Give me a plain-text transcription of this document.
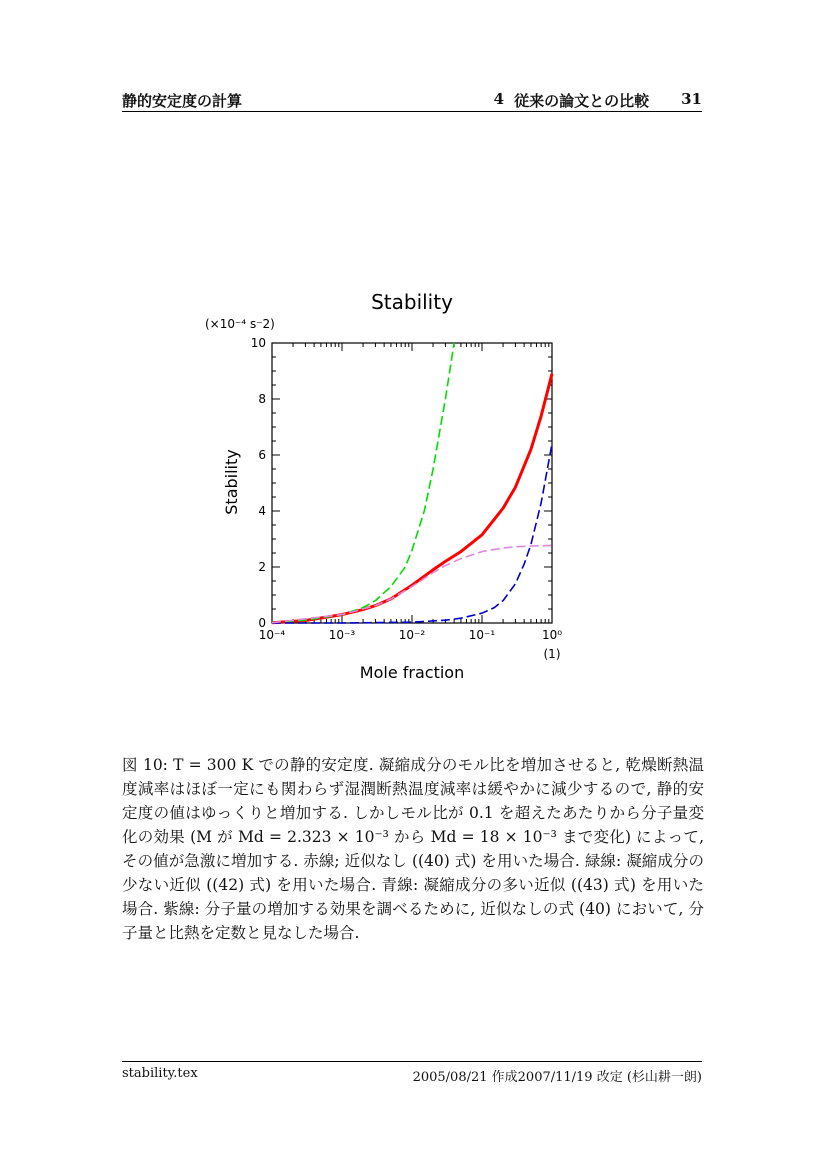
静的安定度の計算	4 従来の論文との比較 31
Stability
(×10⁻⁴ s⁻2)
(1)
Mole fraction
Stability
10⁻⁴	10⁻³	10⁻²	10⁻¹	10⁰
0
2
4
6
8
10
図 10: T = 300 K での静的安定度. 凝縮成分のモル比を増加させると, 乾燥断熱温度減率はほぼ一定にも関わらず湿潤断熱温度減率は緩やかに減少するので, 静的安定度の値はゆっくりと増加する. しかしモル比が 0.1 を超えたあたりから分子量変化の効果 (M が Md = 2.323 × 10⁻³ から Md = 18 × 10⁻³ まで変化) によって, その値が急激に増加する. 赤線; 近似なし ((40) 式) を用いた場合. 緑線: 凝縮成分の少ない近似 ((42) 式) を用いた場合. 青線: 凝縮成分の多い近似 ((43) 式) を用いた場合. 紫線: 分子量の増加する効果を調べるために, 近似なしの式 (40) において, 分子量と比熱を定数と見なした場合.
stability.tex	2005/08/21 作成2007/11/19 改定 (杉山耕一朗)
